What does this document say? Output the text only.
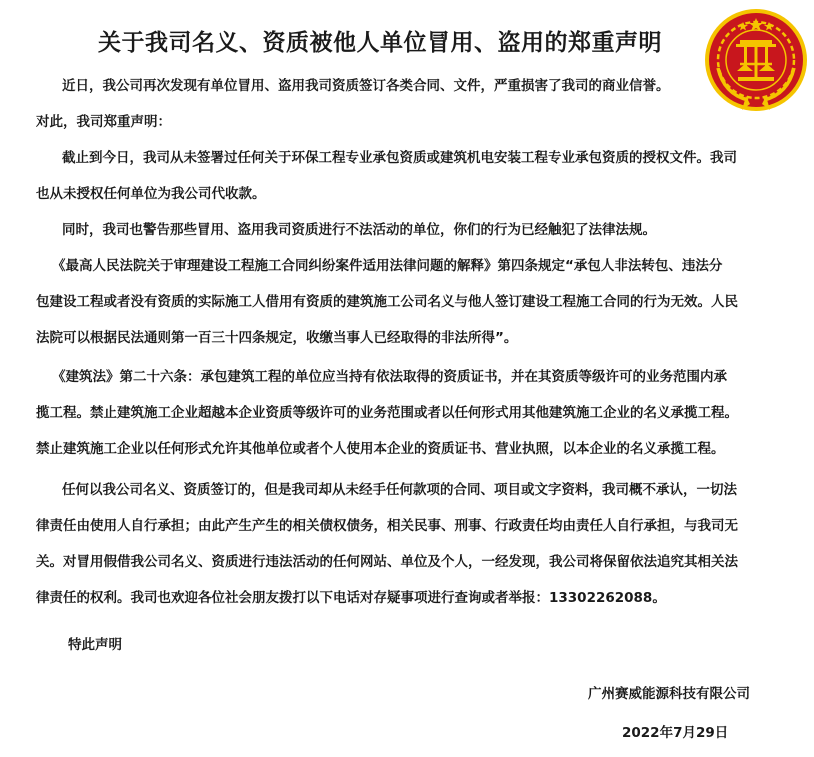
关于我司名义、资质被他人单位冒用、盗用的郑重声明
近日，我公司再次发现有单位冒用、盗用我司资质签订各类合同、文件，严重损害了我司的商业信誉。
对此，我司郑重声明：
截止到今日，我司从未签署过任何关于环保工程专业承包资质或建筑机电安装工程专业承包资质的授权文件。我司
也从未授权任何单位为我公司代收款。
同时，我司也警告那些冒用、盗用我司资质进行不法活动的单位，你们的行为已经触犯了法律法规。
《最高人民法院关于审理建设工程施工合同纠纷案件适用法律问题的解释》第四条规定“承包人非法转包、违法分
包建设工程或者没有资质的实际施工人借用有资质的建筑施工公司名义与他人签订建设工程施工合同的行为无效。人民
法院可以根据民法通则第一百三十四条规定，收缴当事人已经取得的非法所得”。
《建筑法》第二十六条：承包建筑工程的单位应当持有依法取得的资质证书，并在其资质等级许可的业务范围内承
揽工程。禁止建筑施工企业超越本企业资质等级许可的业务范围或者以任何形式用其他建筑施工企业的名义承揽工程。
禁止建筑施工企业以任何形式允许其他单位或者个人使用本企业的资质证书、营业执照，以本企业的名义承揽工程。
任何以我公司名义、资质签订的，但是我司却从未经手任何款项的合同、项目或文字资料，我司概不承认，一切法
律责任由使用人自行承担；由此产生产生的相关债权债务，相关民事、刑事、行政责任均由责任人自行承担，与我司无
关。对冒用假借我公司名义、资质进行违法活动的任何网站、单位及个人，一经发现，我公司将保留依法追究其相关法
律责任的权利。我司也欢迎各位社会朋友拨打以下电话对存疑事项进行查询或者举报：13302262088。
特此声明
广州赛威能源科技有限公司
2022年7月29日
